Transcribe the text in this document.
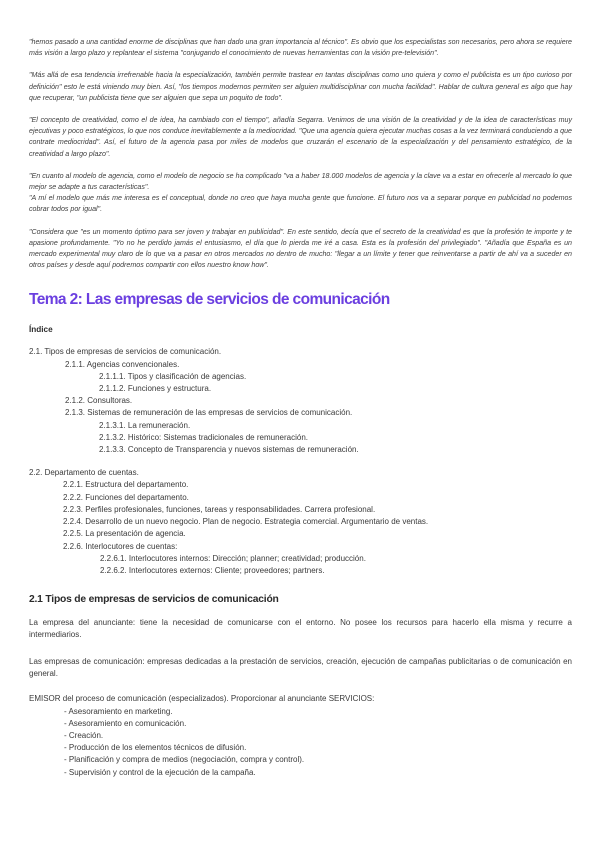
"hemos pasado a una cantidad enorme de disciplinas que han dado una gran importancia al técnico". Es obvio que los especialistas son necesarios, pero ahora se requiere más visión a largo plazo y replantear el sistema "conjugando el conocimiento de nuevas herramientas con la visión pre-televisión".

"Más allá de esa tendencia irrefrenable hacia la especialización, también permite trastear en tantas disciplinas como uno quiera y como el publicista es un tipo curioso por definición" esto le está viniendo muy bien. Así, "los tiempos modernos permiten ser alguien multidisciplinar con mucha facilidad". Hablar de cultura general es algo que hay que recuperar, "un publicista tiene que ser alguien que sepa un poquito de todo".

"El concepto de creatividad, como el de idea, ha cambiado con el tiempo", añadía Segarra. Venimos de una visión de la creatividad y de la idea de características muy ejecutivas y poco estratégicos, lo que nos conduce inevitablemente a la mediocridad. "Que una agencia quiera ejecutar muchas cosas a la vez terminará conduciendo a que contrate mediocridad". Así, el futuro de la agencia pasa por miles de modelos que cruzarán el escenario de la especialización y del pensamiento estratégico, de la creatividad a largo plazo".

"En cuanto al modelo de agencia, como el modelo de negocio se ha complicado "va a haber 18.000 modelos de agencia y la clave va a estar en ofrecerle al mercado lo que mejor se adapte a tus características".

"A mí el modelo que más me interesa es el conceptual, donde no creo que haya mucha gente que funcione. El futuro nos va a separar porque en publicidad no podemos cobrar todos por igual".

"Considera que "es un momento óptimo para ser joven y trabajar en publicidad". En este sentido, decía que el secreto de la creatividad es que la profesión te importe y te apasione profundamente. "Yo no he perdido jamás el entusiasmo, el día que lo pierda me iré a casa. Esta es la profesión del privilegiado". "Añadía que España es un mercado experimental muy claro de lo que va a pasar en otros mercados no dentro de mucho: "llegar a un límite y tener que reinventarse a partir de ahí va a suceder en otros países y desde aquí podremos compartir con ellos nuestro know how".

Tema 2: Las empresas de servicios de comunicación
Índice
2.1. Tipos de empresas de servicios de comunicación.
2.1.1. Agencias convencionales.
2.1.1.1. Tipos y clasificación de agencias.
2.1.1.2. Funciones y estructura.
2.1.2. Consultoras.
2.1.3. Sistemas de remuneración de las empresas de servicios de comunicación.
2.1.3.1. La remuneración.
2.1.3.2. Histórico: Sistemas tradicionales de remuneración.
2.1.3.3. Concepto de Transparencia y nuevos sistemas de remuneración.
2.2. Departamento de cuentas.
2.2.1. Estructura del departamento.
2.2.2. Funciones del departamento.
2.2.3. Perfiles profesionales, funciones, tareas y responsabilidades. Carrera profesional.
2.2.4. Desarrollo de un nuevo negocio. Plan de negocio. Estrategia comercial. Argumentario de ventas.
2.2.5. La presentación de agencia.
2.2.6. Interlocutores de cuentas:
2.2.6.1. Interlocutores internos: Dirección; planner; creatividad; producción.
2.2.6.2. Interlocutores externos: Cliente; proveedores; partners.
2.1 Tipos de empresas de servicios de comunicación

La empresa del anunciante: tiene la necesidad de comunicarse con el entorno. No posee los recursos para hacerlo ella misma y recurre a intermediarios.

Las empresas de comunicación: empresas dedicadas a la prestación de servicios, creación, ejecución de campañas publicitarias o de comunicación en general.

EMISOR del proceso de comunicación (especializados). Proporcionar al anunciante SERVICIOS:

- Asesoramiento en marketing.
- Asesoramiento en comunicación.
- Creación.
- Producción de los elementos técnicos de difusión.
- Planificación y compra de medios (negociación, compra y control).
- Supervisión y control de la ejecución de la campaña.
